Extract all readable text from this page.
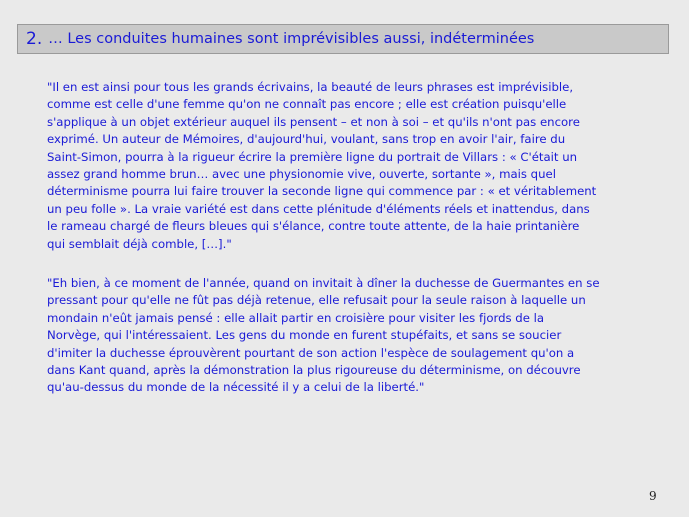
2. … Les conduites humaines sont imprévisibles aussi, indéterminées

"Il en est ainsi pour tous les grands écrivains, la beauté de leurs phrases est imprévisible,
comme est celle d'une femme qu'on ne connaît pas encore ; elle est création puisqu'elle
s'applique à un objet extérieur auquel ils pensent – et non à soi – et qu'ils n'ont pas encore
exprimé. Un auteur de Mémoires, d'aujourd'hui, voulant, sans trop en avoir l'air, faire du
Saint-Simon, pourra à la rigueur écrire la première ligne du portrait de Villars : « C'était un
assez grand homme brun… avec une physionomie vive, ouverte, sortante », mais quel
déterminisme pourra lui faire trouver la seconde ligne qui commence par : « et véritablement
un peu folle ». La vraie variété est dans cette plénitude d'éléments réels et inattendus, dans
le rameau chargé de fleurs bleues qui s'élance, contre toute attente, de la haie printanière
qui semblait déjà comble, […]."

"Eh bien, à ce moment de l'année, quand on invitait à dîner la duchesse de Guermantes en se
pressant pour qu'elle ne fût pas déjà retenue, elle refusait pour la seule raison à laquelle un
mondain n'eût jamais pensé : elle allait partir en croisière pour visiter les fjords de la
Norvège, qui l'intéressaient. Les gens du monde en furent stupéfaits, et sans se soucier
d'imiter la duchesse éprouvèrent pourtant de son action l'espèce de soulagement qu'on a
dans Kant quand, après la démonstration la plus rigoureuse du déterminisme, on découvre
qu'au-dessus du monde de la nécessité il y a celui de la liberté."

9
